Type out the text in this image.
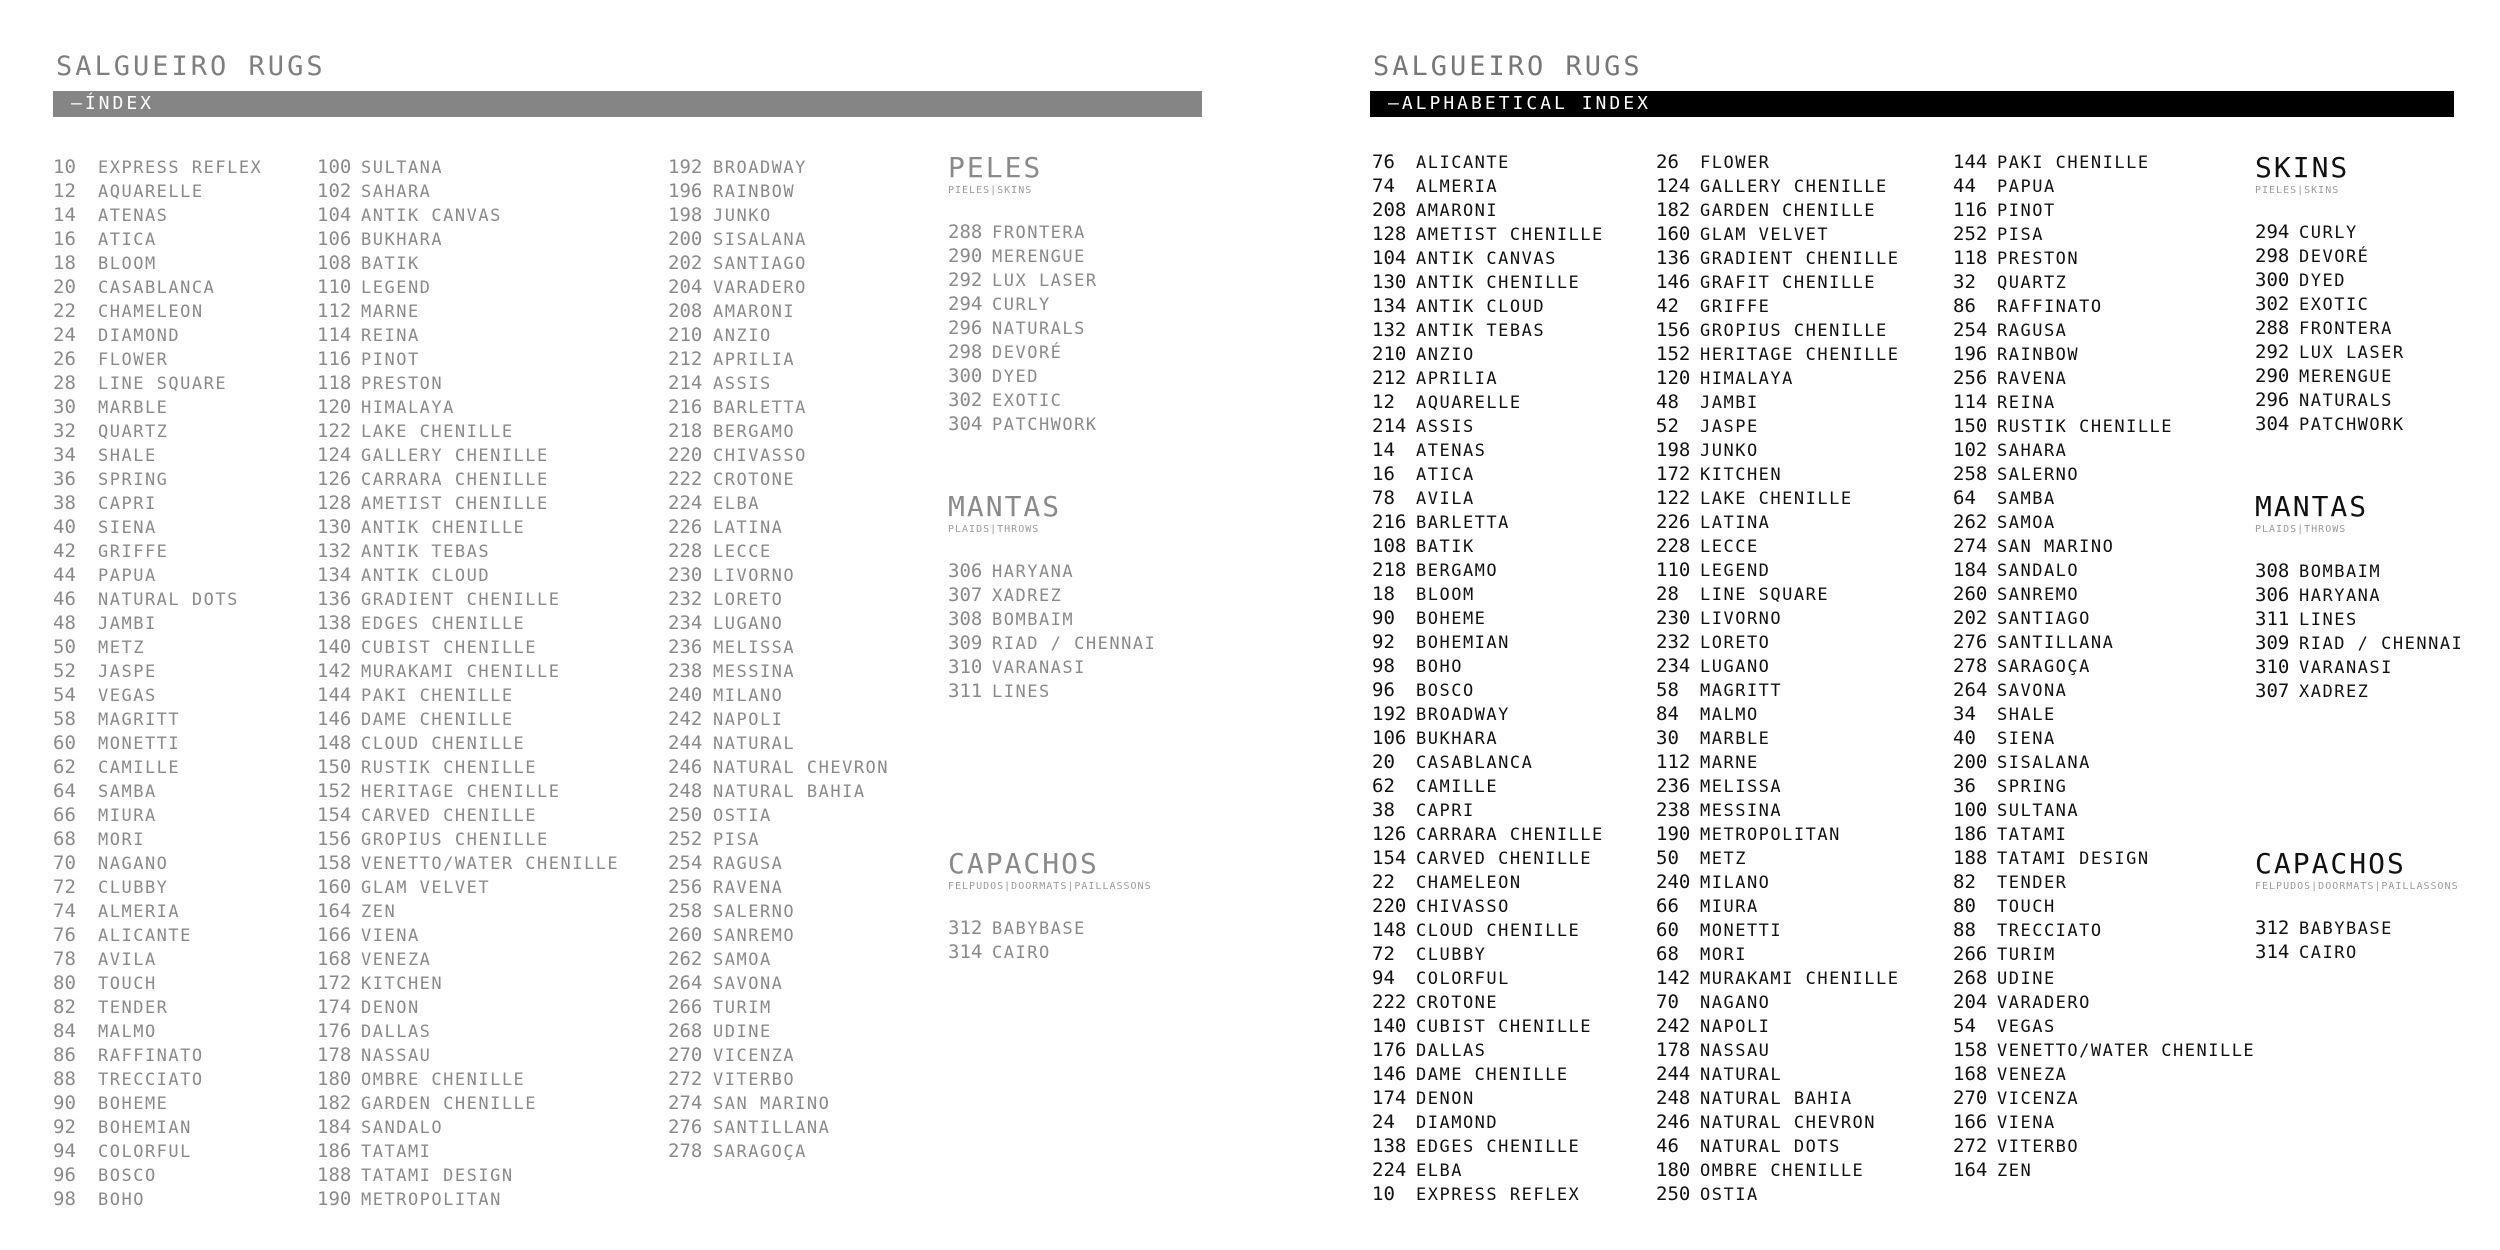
SALGUEIRO RUGS
—ÍNDEX
10	EXPRESS REFLEX
12	AQUARELLE
14	ATENAS
16	ATICA
18	BLOOM
20	CASABLANCA
22	CHAMELEON
24	DIAMOND
26	FLOWER
28	LINE SQUARE
30	MARBLE
32	QUARTZ
34	SHALE
36	SPRING
38	CAPRI
40	SIENA
42	GRIFFE
44	PAPUA
46	NATURAL DOTS
48	JAMBI
50	METZ
52	JASPE
54	VEGAS
58	MAGRITT
60	MONETTI
62	CAMILLE
64	SAMBA
66	MIURA
68	MORI
70	NAGANO
72	CLUBBY
74	ALMERIA
76	ALICANTE
78	AVILA
80	TOUCH
82	TENDER
84	MALMO
86	RAFFINATO
88	TRECCIATO
90	BOHEME
92	BOHEMIAN
94	COLORFUL
96	BOSCO
98	BOHO
100 SULTANA
102 SAHARA
104 ANTIK CANVAS
106 BUKHARA
108 BATIK
110 LEGEND
112 MARNE
114 REINA
116 PINOT
118 PRESTON
120 HIMALAYA
122 LAKE CHENILLE
124 GALLERY CHENILLE
126 CARRARA CHENILLE
128 AMETIST CHENILLE
130 ANTIK CHENILLE
132 ANTIK TEBAS
134 ANTIK CLOUD
136 GRADIENT CHENILLE
138 EDGES CHENILLE
140 CUBIST CHENILLE
142 MURAKAMI CHENILLE
144 PAKI CHENILLE
146 DAME CHENILLE
148 CLOUD CHENILLE
150 RUSTIK CHENILLE
152 HERITAGE CHENILLE
154 CARVED CHENILLE
156 GROPIUS CHENILLE
158 VENETTO/WATER CHENILLE
160 GLAM VELVET
164 ZEN
166 VIENA
168 VENEZA
172 KITCHEN
174 DENON
176 DALLAS
178 NASSAU
180 OMBRE CHENILLE
182 GARDEN CHENILLE
184 SANDALO
186 TATAMI
188 TATAMI DESIGN
190 METROPOLITAN
192 BROADWAY
196 RAINBOW
198 JUNKO
200 SISALANA
202 SANTIAGO
204 VARADERO
208 AMARONI
210 ANZIO
212 APRILIA
214 ASSIS
216 BARLETTA
218 BERGAMO
220 CHIVASSO
222 CROTONE
224 ELBA
226 LATINA
228 LECCE
230 LIVORNO
232 LORETO
234 LUGANO
236 MELISSA
238 MESSINA
240 MILANO
242 NAPOLI
244 NATURAL
246 NATURAL CHEVRON
248 NATURAL BAHIA
250 OSTIA
252 PISA
254 RAGUSA
256 RAVENA
258 SALERNO
260 SANREMO
262 SAMOA
264 SAVONA
266 TURIM
268 UDINE
270 VICENZA
272 VITERBO
274 SAN MARINO
276 SANTILLANA
278 SARAGOÇA
PELES
PIELES|SKINS
288 FRONTERA
290 MERENGUE
292 LUX LASER
294 CURLY
296 NATURALS
298 DEVORÉ
300 DYED
302 EXOTIC
304 PATCHWORK
MANTAS
PLAIDS|THROWS
306 HARYANA
307 XADREZ
308 BOMBAIM
309 RIAD / CHENNAI
310 VARANASI
311 LINES
CAPACHOS
FELPUDOS|DOORMATS|PAILLASSONS
312 BABYBASE
314 CAIRO
SALGUEIRO RUGS
—ALPHABETICAL INDEX
76	ALICANTE
74	ALMERIA
208 AMARONI
128 AMETIST CHENILLE
104 ANTIK CANVAS
130 ANTIK CHENILLE
134 ANTIK CLOUD
132 ANTIK TEBAS
210 ANZIO
212 APRILIA
12	AQUARELLE
214 ASSIS
14	ATENAS
16	ATICA
78	AVILA
216 BARLETTA
108 BATIK
218 BERGAMO
18	BLOOM
90	BOHEME
92	BOHEMIAN
98	BOHO
96	BOSCO
192 BROADWAY
106 BUKHARA
20	CASABLANCA
62	CAMILLE
38	CAPRI
126 CARRARA CHENILLE
154 CARVED CHENILLE
22	CHAMELEON
220 CHIVASSO
148 CLOUD CHENILLE
72	CLUBBY
94	COLORFUL
222 CROTONE
140 CUBIST CHENILLE
176 DALLAS
146 DAME CHENILLE
174 DENON
24	DIAMOND
138 EDGES CHENILLE
224 ELBA
10	EXPRESS REFLEX
26	FLOWER
124 GALLERY CHENILLE
182 GARDEN CHENILLE
160 GLAM VELVET
136 GRADIENT CHENILLE
146 GRAFIT CHENILLE
42	GRIFFE
156 GROPIUS CHENILLE
152 HERITAGE CHENILLE
120 HIMALAYA
48	JAMBI
52	JASPE
198 JUNKO
172 KITCHEN
122 LAKE CHENILLE
226 LATINA
228 LECCE
110 LEGEND
28	LINE SQUARE
230 LIVORNO
232 LORETO
234 LUGANO
58	MAGRITT
84	MALMO
30	MARBLE
112 MARNE
236 MELISSA
238 MESSINA
190 METROPOLITAN
50	METZ
240 MILANO
66	MIURA
60	MONETTI
68	MORI
142 MURAKAMI CHENILLE
70	NAGANO
242 NAPOLI
178 NASSAU
244 NATURAL
248 NATURAL BAHIA
246 NATURAL CHEVRON
46	NATURAL DOTS
180 OMBRE CHENILLE
250 OSTIA
144 PAKI CHENILLE
44	PAPUA
116 PINOT
252 PISA
118 PRESTON
32	QUARTZ
86	RAFFINATO
254 RAGUSA
196 RAINBOW
256 RAVENA
114 REINA
150 RUSTIK CHENILLE
102 SAHARA
258 SALERNO
64	SAMBA
262 SAMOA
274 SAN MARINO
184 SANDALO
260 SANREMO
202 SANTIAGO
276 SANTILLANA
278 SARAGOÇA
264 SAVONA
34	SHALE
40	SIENA
200 SISALANA
36	SPRING
100 SULTANA
186 TATAMI
188 TATAMI DESIGN
82	TENDER
80	TOUCH
88	TRECCIATO
266 TURIM
268 UDINE
204 VARADERO
54	VEGAS
158 VENETTO/WATER CHENILLE
168 VENEZA
270 VICENZA
166 VIENA
272 VITERBO
164 ZEN
SKINS
PIELES|SKINS
294 CURLY
298 DEVORÉ
300 DYED
302 EXOTIC
288 FRONTERA
292 LUX LASER
290 MERENGUE
296 NATURALS
304 PATCHWORK
MANTAS
PLAIDS|THROWS
308 BOMBAIM
306 HARYANA
311 LINES
309 RIAD / CHENNAI
310 VARANASI
307 XADREZ
CAPACHOS
FELPUDOS|DOORMATS|PAILLASSONS
312 BABYBASE
314 CAIRO
